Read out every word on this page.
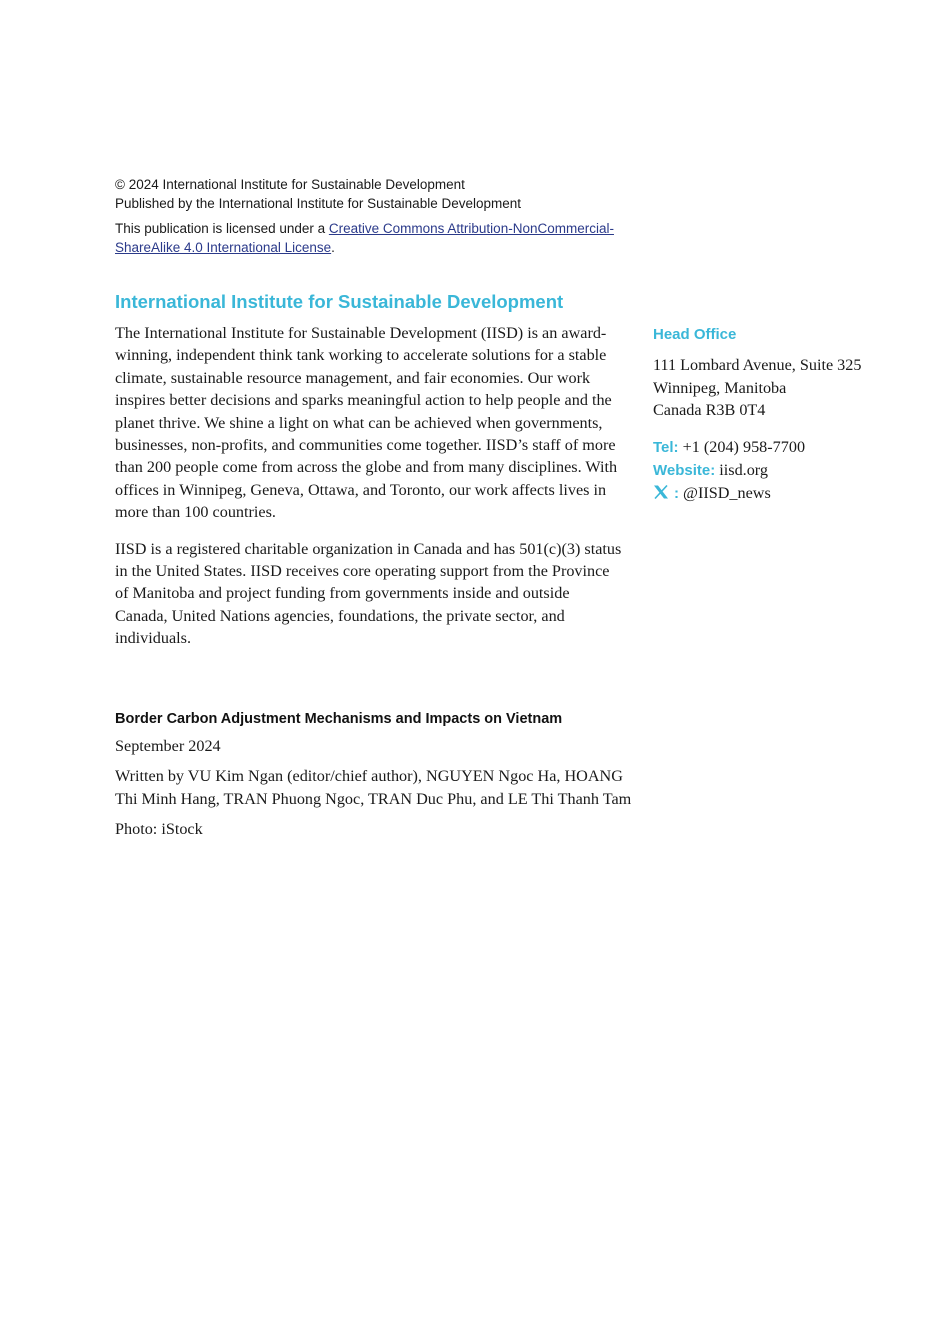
© 2024 International Institute for Sustainable Development

Published by the International Institute for Sustainable Development

This publication is licensed under a Creative Commons Attribution-NonCommercial-ShareAlike 4.0 International License.

International Institute for Sustainable Development

The International Institute for Sustainable Development (IISD) is an award-winning, independent think tank working to accelerate solutions for a stable climate, sustainable resource management, and fair economies. Our work inspires better decisions and sparks meaningful action to help people and the planet thrive. We shine a light on what can be achieved when governments, businesses, non-profits, and communities come together. IISD’s staff of more than 200 people come from across the globe and from many disciplines. With offices in Winnipeg, Geneva, Ottawa, and Toronto, our work affects lives in more than 100 countries.

IISD is a registered charitable organization in Canada and has 501(c)(3) status in the United States. IISD receives core operating support from the Province of Manitoba and project funding from governments inside and outside Canada, United Nations agencies, foundations, the private sector, and individuals.

Head Office
111 Lombard Avenue, Suite 325
Winnipeg, Manitoba
Canada R3B 0T4
Tel: +1 (204) 958-7700
Website: iisd.org
: @IISD_news
Border Carbon Adjustment Mechanisms and Impacts on Vietnam

September 2024

Written by VU Kim Ngan (editor/chief author), NGUYEN Ngoc Ha, HOANG Thi Minh Hang, TRAN Phuong Ngoc, TRAN Duc Phu, and LE Thi Thanh Tam

Photo: iStock
